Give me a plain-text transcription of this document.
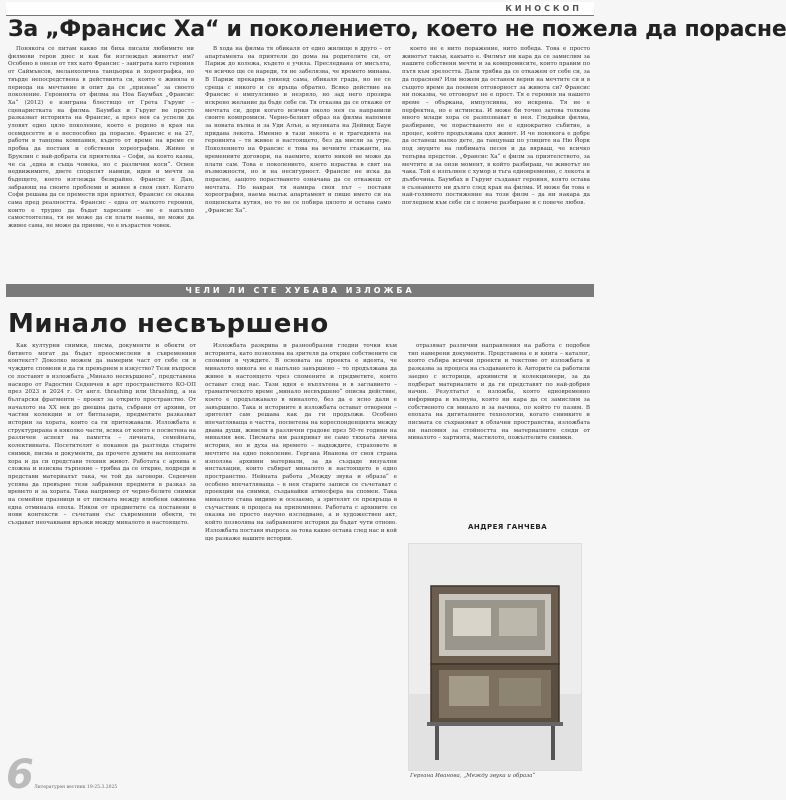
КИНОСКОП
За „Франсис Ха“ и поколението, което не пожела да порасне

Понякога се питам какво ли биха писали любимите ни филмови герои днес и как би изглеждал животът им? Особено в онези от тях като Франсис – заиграта като героиня от Саймънсов, меланхолична танцьорка и хореографка, но твърде непосредствена в действията си, която е живяла в периода на мечтание и опит да се „признае“ за своето поколение. Героинята от филма на Ноа Баумбах „Франсис Ха“ (2012) е изиграна блестящо от Грета Гъруиг – сценаристката на филма. Баумбах и Гъруиг не просто разказват историята на Франсис, а през нея са успели да уловят едно цяло поколение, което е родено в края на осемдесетте и е неспособно да порасне. Франсис е на 27, работи в танцова компания, където от време на време се пробва да поставя и собствени хореографии. Живее в Бруклин с най-добрата си приятелка – Софи, за която казва, че са „една и съща човека, но с различни коси“. Освен недвижимите, двете споделят навици, идеи и мечти за бъдещето, което изглежда безкрайно. Франсис е Дан, забравящ на своите проблеми и живее в своя свят. Когато Софи решава да се премести при приятел, Франсис се оказва сама пред реалността. Франсис – една от малкото героини, които е трудно да бъдат харесани – не е напълно самостоятелна, тя не може да си плати наема, не може да живее сама, не може да приеме, че е възрастен човек.

В хода на филма тя обикаля от едно жилище в друго – от апартамента на приятели до дома на родителите си, от Париж до колежа, където е учила. Преследвана от мисълта, че всичко ще се нареди, тя не забелязва, че времето минава. В Париж прекарва уикенд сама, обикаля града, но не се среща с никого и се връща обратно. Всяко действие на Франсис е импулсивно и незряло, но зад него прозира искрено желание да бъде себе си. Тя отказва да се откаже от мечтата си, дори когато всички около нея са направили своите компромиси. Черно-белият образ на филма напомня за новата вълна и за Уди Алън, а музиката на Дейвид Бауи придава лекота. Именно в тази лекота е и трагедията на героинята – тя живее в настоящето, без да мисли за утре. Поколението на Франсис е това на вечните стажанти, на временните договори, на наемите, които никой не може да плати сам. Това е поколението, което израства в свят на възможности, но и на несигурност. Франсис не иска да порасне, защото порастването означава да се откажеш от мечтата. Но накрая тя намира своя път – поставя хореография, наема малък апартамент и пише името си на пощенската кутия, но то не се побира цялото и остава само „Франсис Ха“.

което не е нито поражение, нито победа. Това е просто животът такъв, какъвто е. Филмът ни кара да се замислим за нашите собствени мечти и за компромисите, които правим по пътя към зрелостта. Дали трябва да се откажем от себе си, за да пораснем? Или можем да останем верни на мечтите си и в същото време да поемем отговорност за живота си? Франсис ни показва, че отговорът не е прост. Тя е героиня на нашето време – объркана, импулсивна, но искрена. Тя не е перфектна, но е истинска. И може би точно затова толкова много млади хора се разпознават в нея. Гледайки филма, разбираме, че порастването не е еднократно събитие, а процес, който продължава цял живот. И че понякога е добре да останеш малко дете, да танцуваш по улиците на Ню Йорк под звуците на любимата песен и да вярваш, че всичко тепърва предстои. „Франсис Ха“ е филм за приятелството, за мечтите и за онзи момент, в който разбираш, че животът не чака. Той е изпълнен с хумор и тъга едновременно, с лекота и дълбочина. Баумбах и Гъруиг създават героиня, която остава в съзнанието ни дълго след края на филма. И може би това е най-голямото постижение на този филм – да ни накара да погледнем към себе си с повече разбиране и с повече любов.

ЧЕЛИ ЛИ СТЕ ХУБАВА ИЗЛОЖБА
Минало несвършено

Как културни снимки, писма, документи и обекти от битието могат да бъдат преосмислени в съвременния контекст? Доколко можем да намерим част от себе си в чуждите спомени и да ги превърнем в изкуство? Тези въпроси се поставят в изложбата „Минало несвършено“, представена наскоро от Радостин Седевчев в арт пространството КО-ОП през 2023 и 2024 г. От англ. thrashing или thrashing, а на български фрагменти – проект за открито пространство. От началото на XX век до днешна дата, събрани от архиви, от частни колекции и от битпазари, предметите разказват истории за хората, които са ги притежавали. Изложбата е структурирана в няколко части, всяка от които е посветена на различен аспект на паметта – личната, семейната, колективната. Посетителят е поканен да разгледа старите снимки, писма и документи, да прочете думите на непознати хора и да си представи техния живот. Работата с архива е сложна и изисква търпение – трябва да се открие, подреди и представи материалът така, че той да заговори. Седевчев успява да превърне тези забравени предмети в разказ за времето и за хората. Така например от черно-белите снимки на семейни празници и от писмата между влюбени оживява една отминала епоха. Някои от предметите са поставени в нови контексти – съчетани със съвременни обекти, те създават неочаквани връзки между миналото и настоящето.

Изложбата разкрива и разнообразни гледни точки към историята, като позволява на зрителя да открие собствените си спомени в чуждите. В основата на проекта е идеята, че миналото никога не е напълно завършено – то продължава да живее в настоящето чрез спомените и предметите, които остават след нас. Тази идея е въплътена и в заглавието – граматическото време „минало несвършено“ описва действие, което е продължавало в миналото, без да е ясно дали е завършило. Така и историите в изложбата остават отворени – зрителят сам решава как да ги продължи. Особено впечатляваща е частта, посветена на кореспонденцията между двама души, живели в различни градове през 50-те години на миналия век. Писмата им разкриват не само тяхната лична история, но и духа на времето – надеждите, страховете и мечтите на едно поколение. Гергана Иванова от своя страна използва архивни материали, за да създаде визуални инсталации, които събират миналото и настоящето в едно пространство. Нейната работа „Между звука и образа“ е особено впечатляваща – в нея старите записи се съчетават с проекции на снимки, създавайки атмосфера на спомен. Така миналото става видимо и осезаемо, а зрителят се превръща в съучастник в процеса на припомняне. Работата с архивите се оказва не просто научно изследване, а и художествен акт, който позволява на забравените истории да бъдат чути отново. Изложбата поставя въпроса за това какво остава след нас и кой ще разкаже нашите истории.

отразяват различни направления на работа с подобен тип намерени документи. Представена е и книга – каталог, която събира всички проекти и текстове от изложбата и разказва за процеса на създаването ѝ. Авторите са работили заедно с историци, архивисти и колекционери, за да подберат материалите и да ги представят по най-добрия начин. Резултатът е изложба, която едновременно информира и вълнува, която ни кара да се замислим за собственото си минало и за начина, по който го пазим. В епохата на дигиталните технологии, когато снимките и писмата се съхраняват в облачни пространства, изложбата ни напомня за стойността на материалните следи от миналото – хартията, мастилото, пожълтелите снимки.

АНДРЕЯ ГАНЧЕВА
Гергана Иванова, „Между звука и образа“
6 Литературен вестник 19-25.3.2025
